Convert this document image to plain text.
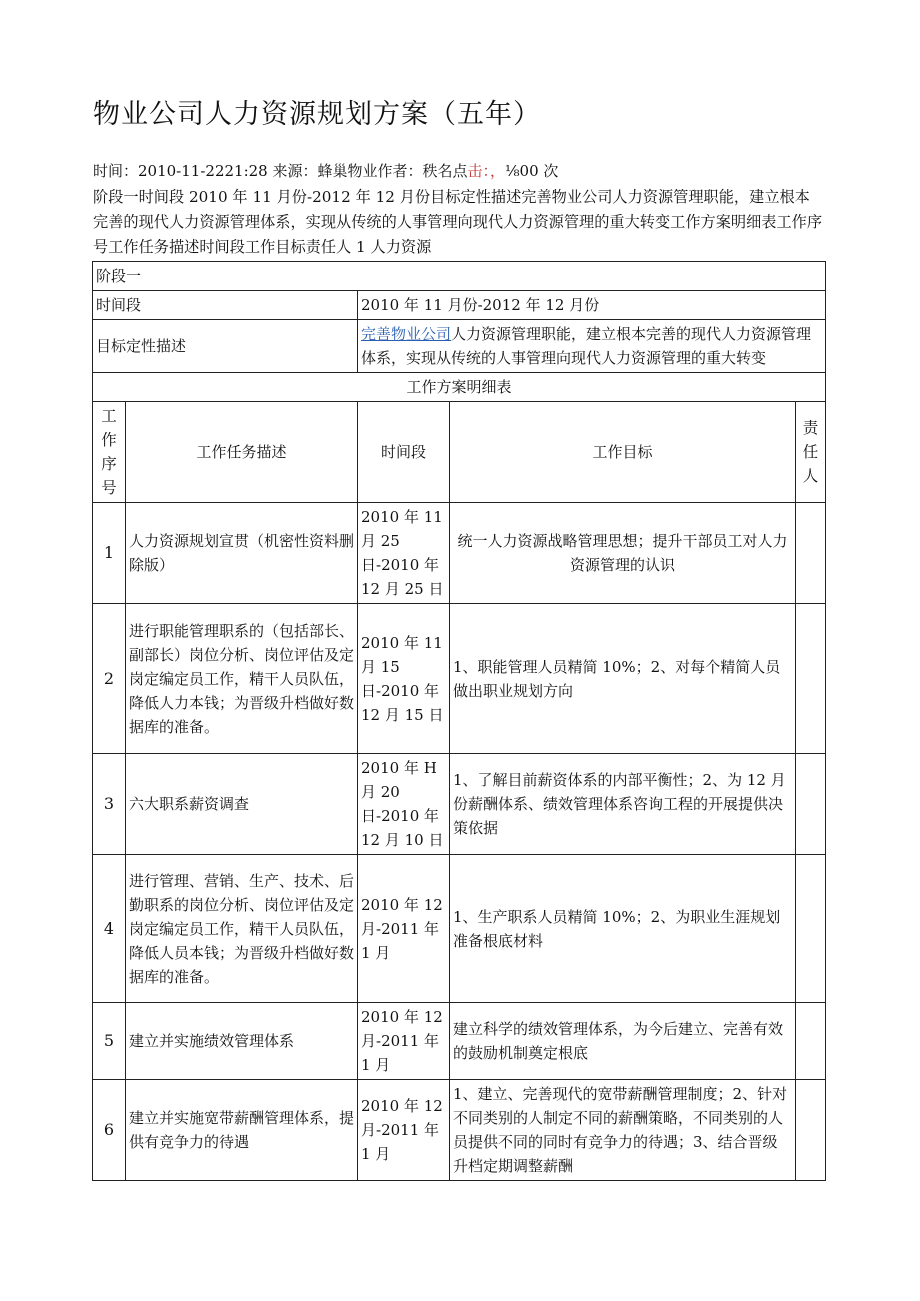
物业公司人力资源规划方案（五年）
时间：2010-11-2221:28 来源：蜂巢物业作者：秩名点击：，⅛00 次
阶段一时间段 2010 年 11 月份-2012 年 12 月份目标定性描述完善物业公司人力资源管理职能，建立根本完善的现代人力资源管理体系，实现从传统的人事管理向现代人力资源管理的重大转变工作方案明细表工作序号工作任务描述时间段工作目标责任人 1 人力资源
阶段一				
时间段		2010 年 11 月份-2012 年 12 月份		
目标定性描述		完善物业公司人力资源管理职能，建立根本完善的现代人力资源管理体系，实现从传统的人事管理向现代人力资源管理的重大转变		
工作方案明细表				
工作序号	工作任务描述	时间段	工作目标	责任人
1	人力资源规划宣贯（机密性资料删除版）	2010 年 11 月 25 日-2010 年 12 月 25 日	统一人力资源战略管理思想；提升干部员工对人力资源管理的认识	
2	进行职能管理职系的（包括部长、副部长）岗位分析、岗位评估及定岗定编定员工作，精干人员队伍，降低人力本钱；为晋级升档做好数据库的准备。	2010 年 11 月 15 日-2010 年 12 月 15 日	1、职能管理人员精简 10%；2、对每个精简人员做出职业规划方向	
3	六大职系薪资调查	2010 年 H 月 20 日-2010 年 12 月 10 日	1、了解目前薪资体系的内部平衡性；2、为 12 月份薪酬体系、绩效管理体系咨询工程的开展提供决策依据	
4	进行管理、营销、生产、技术、后勤职系的岗位分析、岗位评估及定岗定编定员工作，精干人员队伍，降低人员本钱；为晋级升档做好数据库的准备。	2010 年 12 月-2011 年 1 月	1、生产职系人员精简 10%；2、为职业生涯规划准备根底材料	
5	建立并实施绩效管理体系	2010 年 12 月-2011 年 1 月	建立科学的绩效管理体系，为今后建立、完善有效的鼓励机制奠定根底	
6	建立并实施宽带薪酬管理体系，提供有竞争力的待遇	2010 年 12 月-2011 年 1 月	1、建立、完善现代的宽带薪酬管理制度；2、针对不同类别的人制定不同的薪酬策略，不同类别的人员提供不同的同时有竞争力的待遇；3、结合晋级升档定期调整薪酬	
